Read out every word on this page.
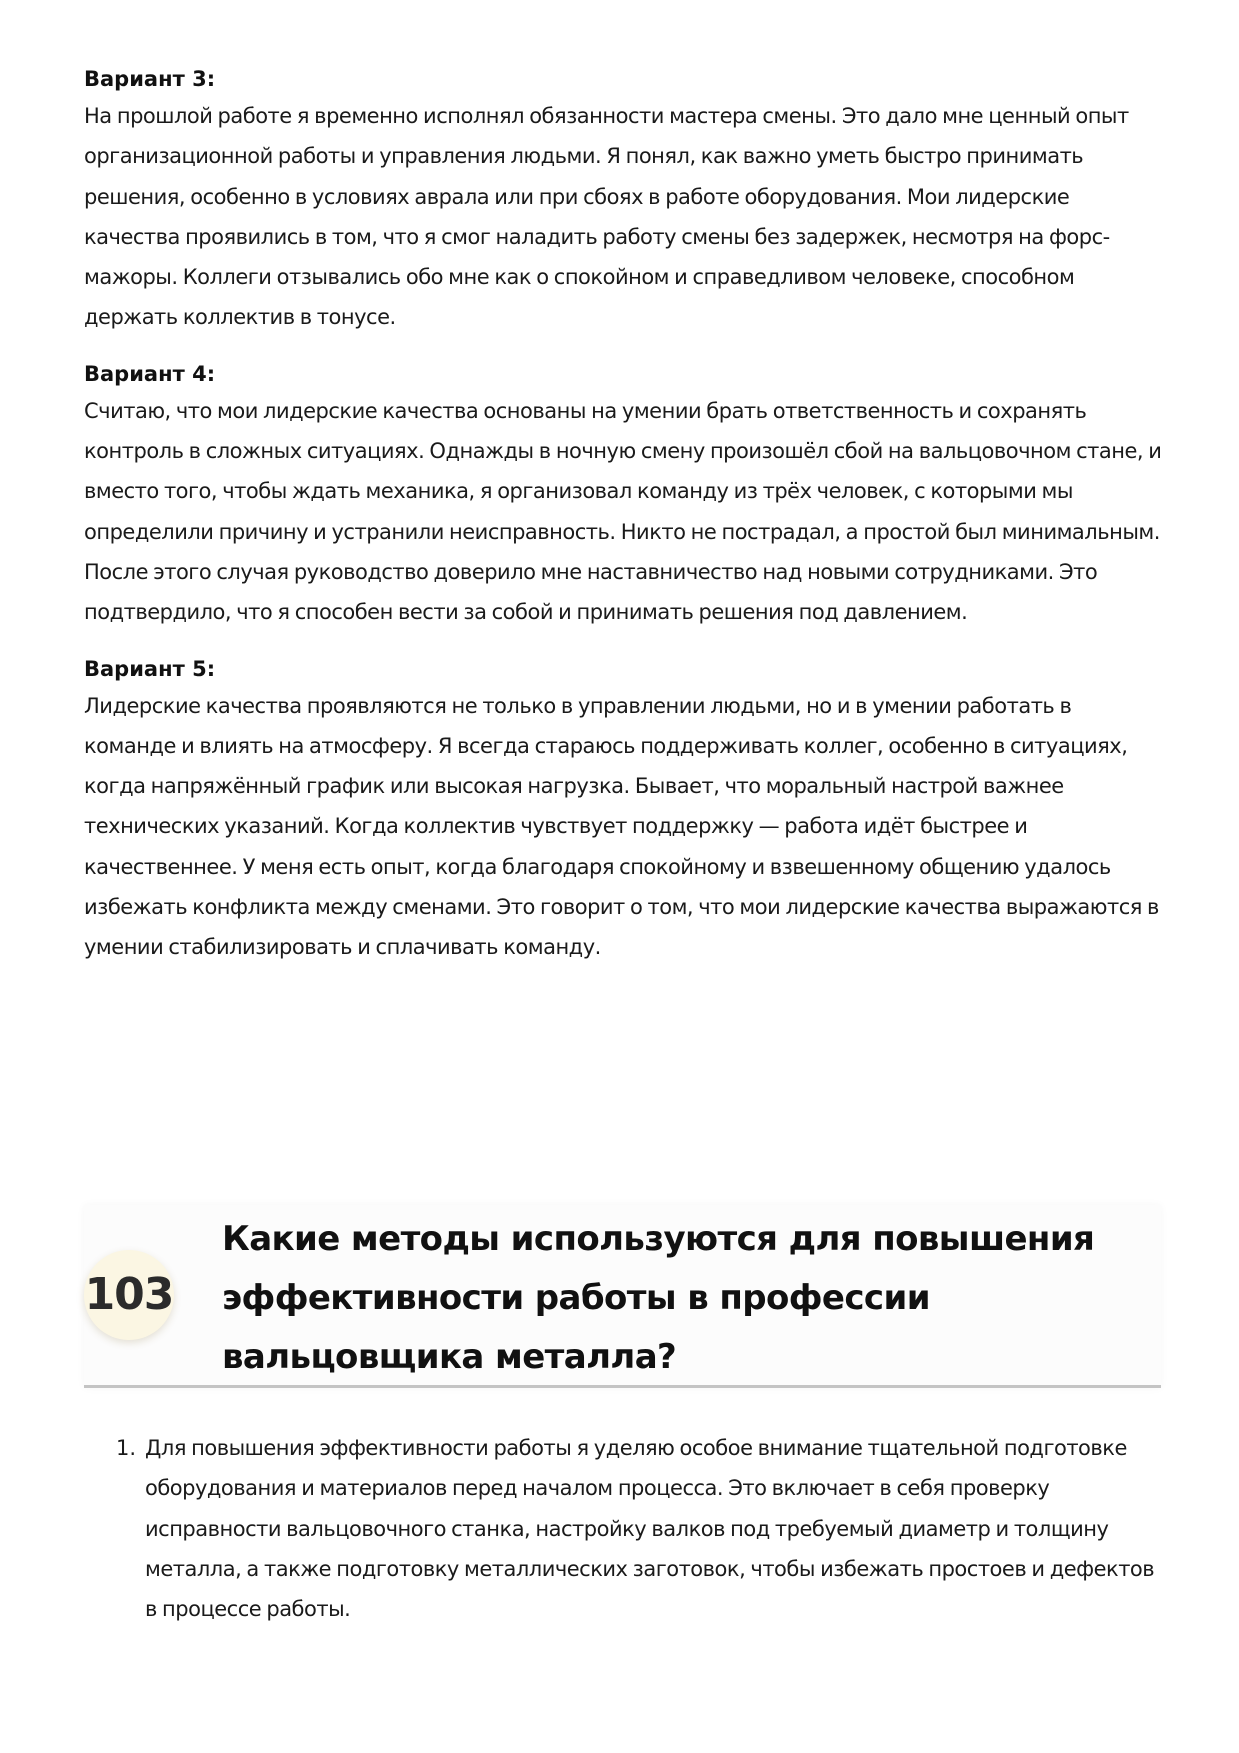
Вариант 3:

На прошлой работе я временно исполнял обязанности мастера смены. Это дало мне ценный опыт организационной работы и управления людьми. Я понял, как важно уметь быстро принимать решения, особенно в условиях аврала или при сбоях в работе оборудования. Мои лидерские качества проявились в том, что я смог наладить работу смены без задержек, несмотря на форс-мажоры. Коллеги отзывались обо мне как о спокойном и справедливом человеке, способном держать коллектив в тонусе.

Вариант 4:

Считаю, что мои лидерские качества основаны на умении брать ответственность и сохранять контроль в сложных ситуациях. Однажды в ночную смену произошёл сбой на вальцовочном стане, и вместо того, чтобы ждать механика, я организовал команду из трёх человек, с которыми мы определили причину и устранили неисправность. Никто не пострадал, а простой был минимальным. После этого случая руководство доверило мне наставничество над новыми сотрудниками. Это подтвердило, что я способен вести за собой и принимать решения под давлением.

Вариант 5:

Лидерские качества проявляются не только в управлении людьми, но и в умении работать в команде и влиять на атмосферу. Я всегда стараюсь поддерживать коллег, особенно в ситуациях, когда напряжённый график или высокая нагрузка. Бывает, что моральный настрой важнее технических указаний. Когда коллектив чувствует поддержку — работа идёт быстрее и качественнее. У меня есть опыт, когда благодаря спокойному и взвешенному общению удалось избежать конфликта между сменами. Это говорит о том, что мои лидерские качества выражаются в умении стабилизировать и сплачивать команду.

103
Какие методы используются для повышения эффективности работы в профессии вальцовщика металла?
1. Для повышения эффективности работы я уделяю особое внимание тщательной подготовке оборудования и материалов перед началом процесса. Это включает в себя проверку исправности вальцовочного станка, настройку валков под требуемый диаметр и толщину металла, а также подготовку металлических заготовок, чтобы избежать простоев и дефектов в процессе работы.
